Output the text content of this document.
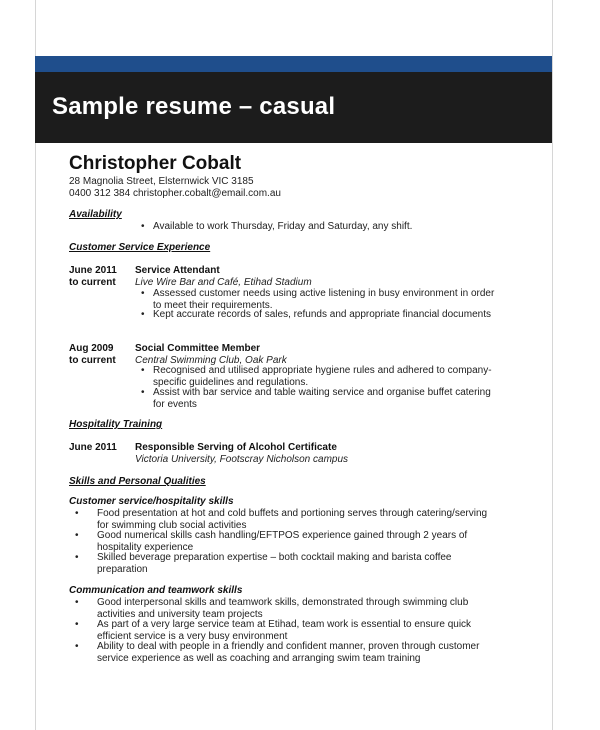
Sample resume – casual
Christopher Cobalt
28 Magnolia Street, Elsternwick VIC 3185
0400 312 384 christopher.cobalt@email.com.au
Availability
• Available to work Thursday, Friday and Saturday, any shift.
Customer Service Experience
June 2011
to current
Service Attendant
Live Wire Bar and Café, Etihad Stadium
• Assessed customer needs using active listening in busy environment in order to meet their requirements.
• Kept accurate records of sales, refunds and appropriate financial documents
Aug 2009
to current
Social Committee Member
Central Swimming Club, Oak Park
• Recognised and utilised appropriate hygiene rules and adhered to company-specific guidelines and regulations.
• Assist with bar service and table waiting service and organise buffet catering for events
Hospitality Training
June 2011 Responsible Serving of Alcohol Certificate
Victoria University, Footscray Nicholson campus
Skills and Personal Qualities
Customer service/hospitality skills
• Food presentation at hot and cold buffets and portioning serves through catering/serving for swimming club social activities
• Good numerical skills cash handling/EFTPOS experience gained through 2 years of hospitality experience
• Skilled beverage preparation expertise – both cocktail making and barista coffee preparation
Communication and teamwork skills
• Good interpersonal skills and teamwork skills, demonstrated through swimming club activities and university team projects
• As part of a very large service team at Etihad, team work is essential to ensure quick efficient service is a very busy environment
• Ability to deal with people in a friendly and confident manner, proven through customer service experience as well as coaching and arranging swim team training
